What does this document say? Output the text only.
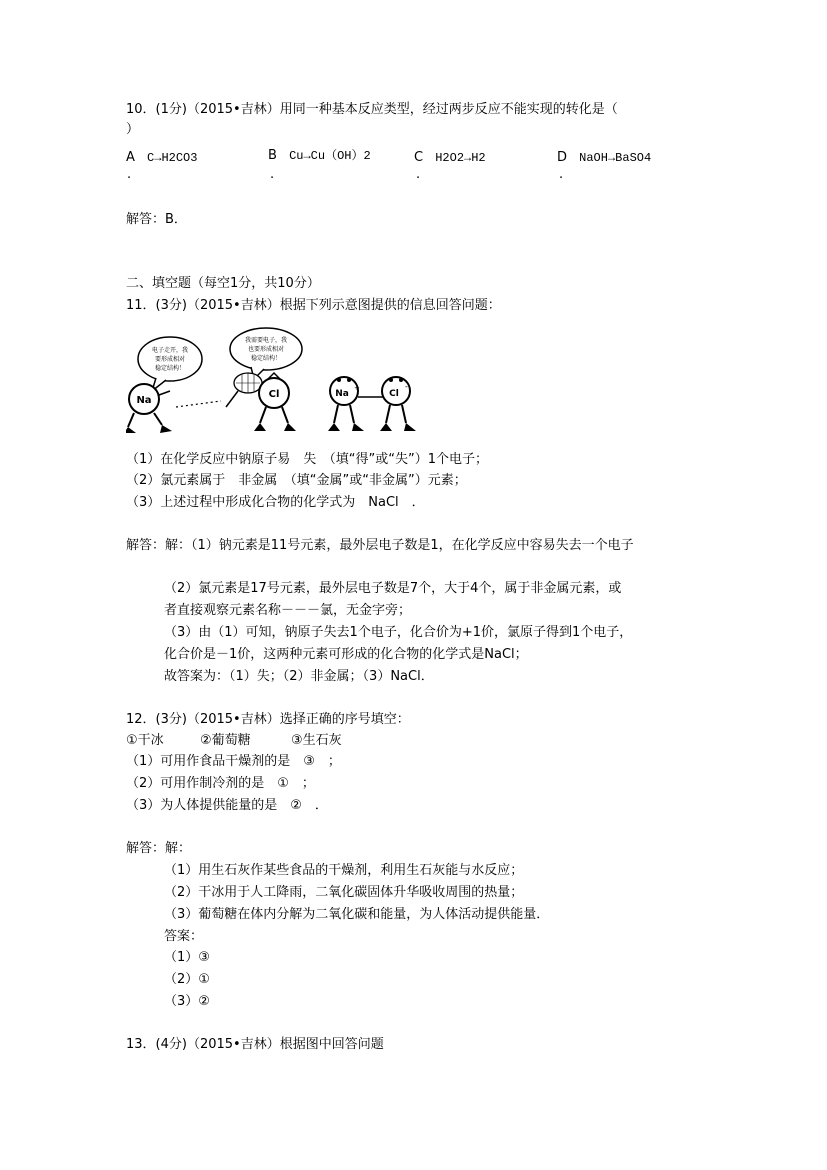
10．(1分)（2015•吉林）用同一种基本反应类型，经过两步反应不能实现的转化是（
）
A C→H2CO3	B Cu→Cu（OH）2	C H2O2→H2	D NaOH→BaSO4
.	.	.	.
解答：B．
二、填空题（每空1分，共10分）
11．(3分)（2015•吉林）根据下列示意图提供的信息回答问题：
电子走开，我
要形成相对
稳定结构！
我需要电子，我
也要形成相对
稳定结构！
Na
Cl	Na
+
Cl
-
（1）在化学反应中钠原子易　失　（填“得”或“失”）1个电子；
（2）氯元素属于　非金属　（填“金属”或“非金属”）元素；
（3）上述过程中形成化合物的化学式为　NaCl　．
解答：解：（1）钠元素是11号元素，最外层电子数是1，在化学反应中容易失去一个电子
（2）氯元素是17号元素，最外层电子数是7个，大于4个，属于非金属元素，或
者直接观察元素名称－－－氯，无金字旁；
（3）由（1）可知，钠原子失去1个电子，化合价为+1价，氯原子得到1个电子，
化合价是－1价，这两种元素可形成的化合物的化学式是NaCl；
故答案为：（1）失；（2）非金属；（3）NaCl．
12．(3分)（2015•吉林）选择正确的序号填空：
①干冰	②葡萄糖	③生石灰
（1）可用作食品干燥剂的是　③　；
（2）可用作制冷剂的是　①　；
（3）为人体提供能量的是　②　．
解答：解：
（1）用生石灰作某些食品的干燥剂，利用生石灰能与水反应；
（2）干冰用于人工降雨，二氧化碳固体升华吸收周围的热量；
（3）葡萄糖在体内分解为二氧化碳和能量，为人体活动提供能量．
答案：
（1）③
（2）①
（3）②
13．(4分)（2015•吉林）根据图中回答问题
